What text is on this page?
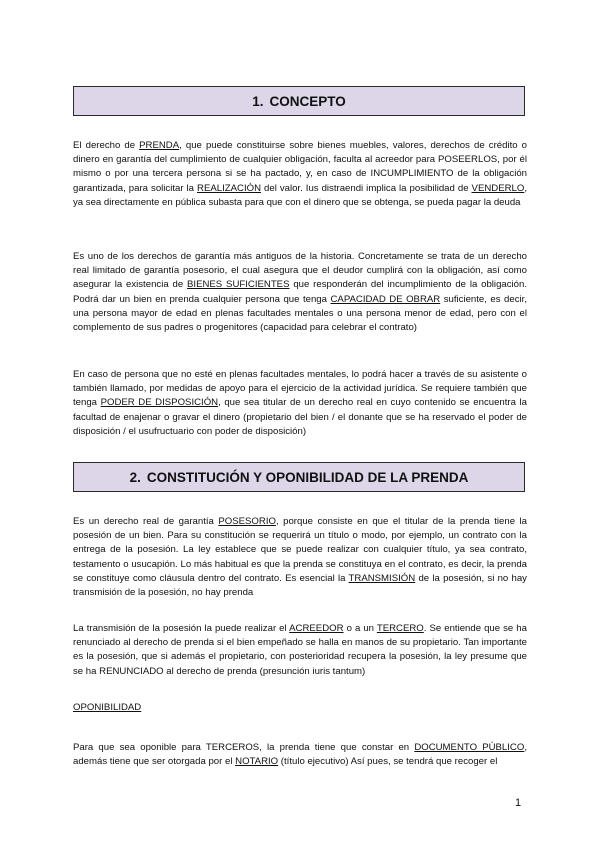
1. CONCEPTO

El derecho de PRENDA, que puede constituirse sobre bienes muebles, valores, derechos de crédito o dinero en garantía del cumplimiento de cualquier obligación, faculta al acreedor para POSEERLOS, por él mismo o por una tercera persona si se ha pactado, y, en caso de INCUMPLIMIENTO de la obligación garantizada, para solicitar la REALIZACIÓN del valor. Ius distraendi implica la posibilidad de VENDERLO, ya sea directamente en pública subasta para que con el dinero que se obtenga, se pueda pagar la deuda

Es uno de los derechos de garantía más antiguos de la historia. Concretamente se trata de un derecho real limitado de garantía posesorio, el cual asegura que el deudor cumplirá con la obligación, así como asegurar la existencia de BIENES SUFICIENTES que responderán del incumplimiento de la obligación. Podrá dar un bien en prenda cualquier persona que tenga CAPACIDAD DE OBRAR suficiente, es decir, una persona mayor de edad en plenas facultades mentales o una persona menor de edad, pero con el complemento de sus padres o progenitores (capacidad para celebrar el contrato)

En caso de persona que no esté en plenas facultades mentales, lo podrá hacer a través de su asistente o también llamado, por medidas de apoyo para el ejercicio de la actividad jurídica. Se requiere también que tenga PODER DE DISPOSICIÓN, que sea titular de un derecho real en cuyo contenido se encuentra la facultad de enajenar o gravar el dinero (propietario del bien / el donante que se ha reservado el poder de disposición / el usufructuario con poder de disposición)

2. CONSTITUCIÓN Y OPONIBILIDAD DE LA PRENDA

Es un derecho real de garantía POSESORIO, porque consiste en que el titular de la prenda tiene la posesión de un bien. Para su constitución se requerirá un título o modo, por ejemplo, un contrato con la entrega de la posesión. La ley establece que se puede realizar con cualquier título, ya sea contrato, testamento o usucapión. Lo más habitual es que la prenda se constituya en el contrato, es decir, la prenda se constituye como cláusula dentro del contrato. Es esencial la TRANSMISIÓN de la posesión, si no hay transmisión de la posesión, no hay prenda

La transmisión de la posesión la puede realizar el ACREEDOR o a un TERCERO. Se entiende que se ha renunciado al derecho de prenda si el bien empeñado se halla en manos de su propietario. Tan importante es la posesión, que si además el propietario, con posterioridad recupera la posesión, la ley presume que se ha RENUNCIADO al derecho de prenda (presunción iuris tantum)

OPONIBILIDAD

Para que sea oponible para TERCEROS, la prenda tiene que constar en DOCUMENTO PÚBLICO, además tiene que ser otorgada por el NOTARIO (título ejecutivo) Así pues, se tendrá que recoger el

1
